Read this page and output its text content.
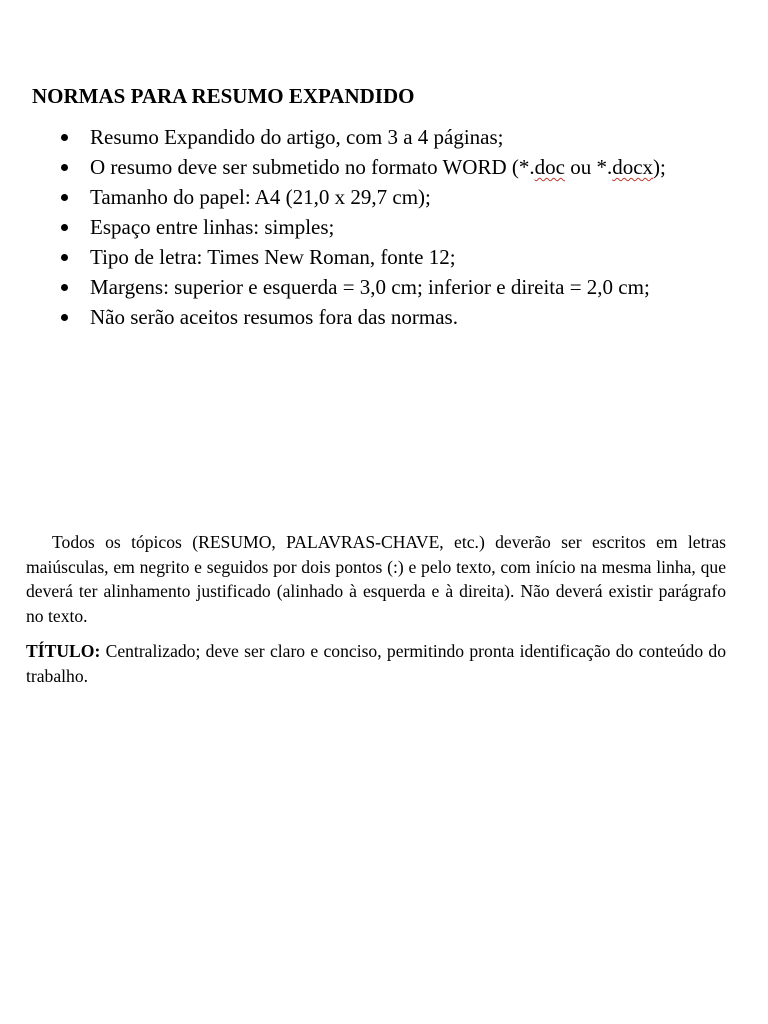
NORMAS PARA RESUMO EXPANDIDO
Resumo Expandido do artigo, com 3 a 4 páginas;
O resumo deve ser submetido no formato WORD (*.doc ou *.docx);
Tamanho do papel: A4 (21,0 x 29,7 cm);
Espaço entre linhas: simples;
Tipo de letra: Times New Roman, fonte 12;
Margens: superior e esquerda = 3,0 cm; inferior e direita = 2,0 cm;
Não serão aceitos resumos fora das normas.

Todos os tópicos (RESUMO, PALAVRAS-CHAVE, etc.) deverão ser escritos em letras maiúsculas, em negrito e seguidos por dois pontos (:) e pelo texto, com início na mesma linha, que deverá ter alinhamento justificado (alinhado à esquerda e à direita). Não deverá existir parágrafo no texto.

TÍTULO: Centralizado; deve ser claro e conciso, permitindo pronta identificação do conteúdo do trabalho.
